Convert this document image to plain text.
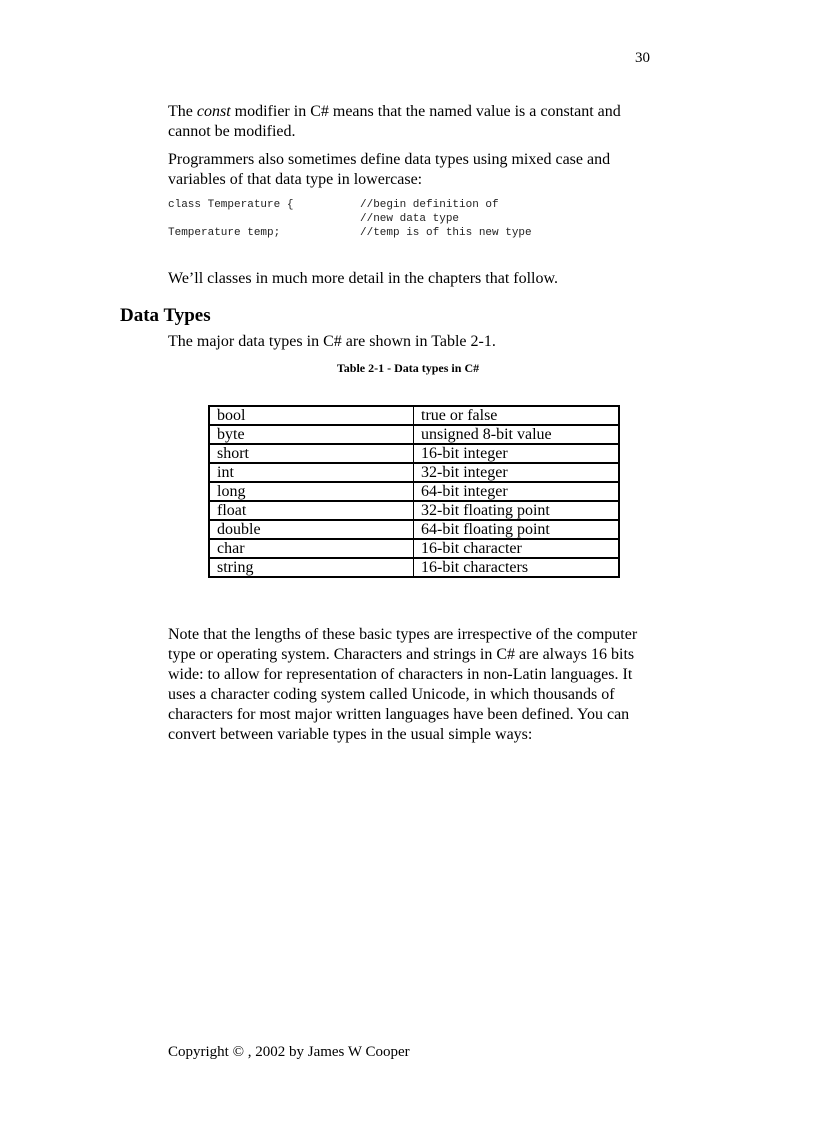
30

The const modifier in C# means that the named value is a constant and cannot be modified.

Programmers also sometimes define data types using mixed case and variables of that data type in lowercase:

class Temperature {	//begin definition of
//new data type
Temperature temp;	//temp is of this new type

We’ll classes in much more detail in the chapters that follow.

Data Types

The major data types in C# are shown in Table 2-1.

Table 2-1 - Data types in C#
bool	true or false
byte	unsigned 8-bit value
short	16-bit integer
int	32-bit integer
long	64-bit integer
float	32-bit floating point
double	64-bit floating point
char	16-bit character
string	16-bit characters

Note that the lengths of these basic types are irrespective of the computer type or operating system. Characters and strings in C# are always 16 bits wide: to allow for representation of characters in non-Latin languages. It uses a character coding system called Unicode, in which thousands of characters for most major written languages have been defined. You can convert between variable types in the usual simple ways:

Copyright © , 2002 by James W Cooper
